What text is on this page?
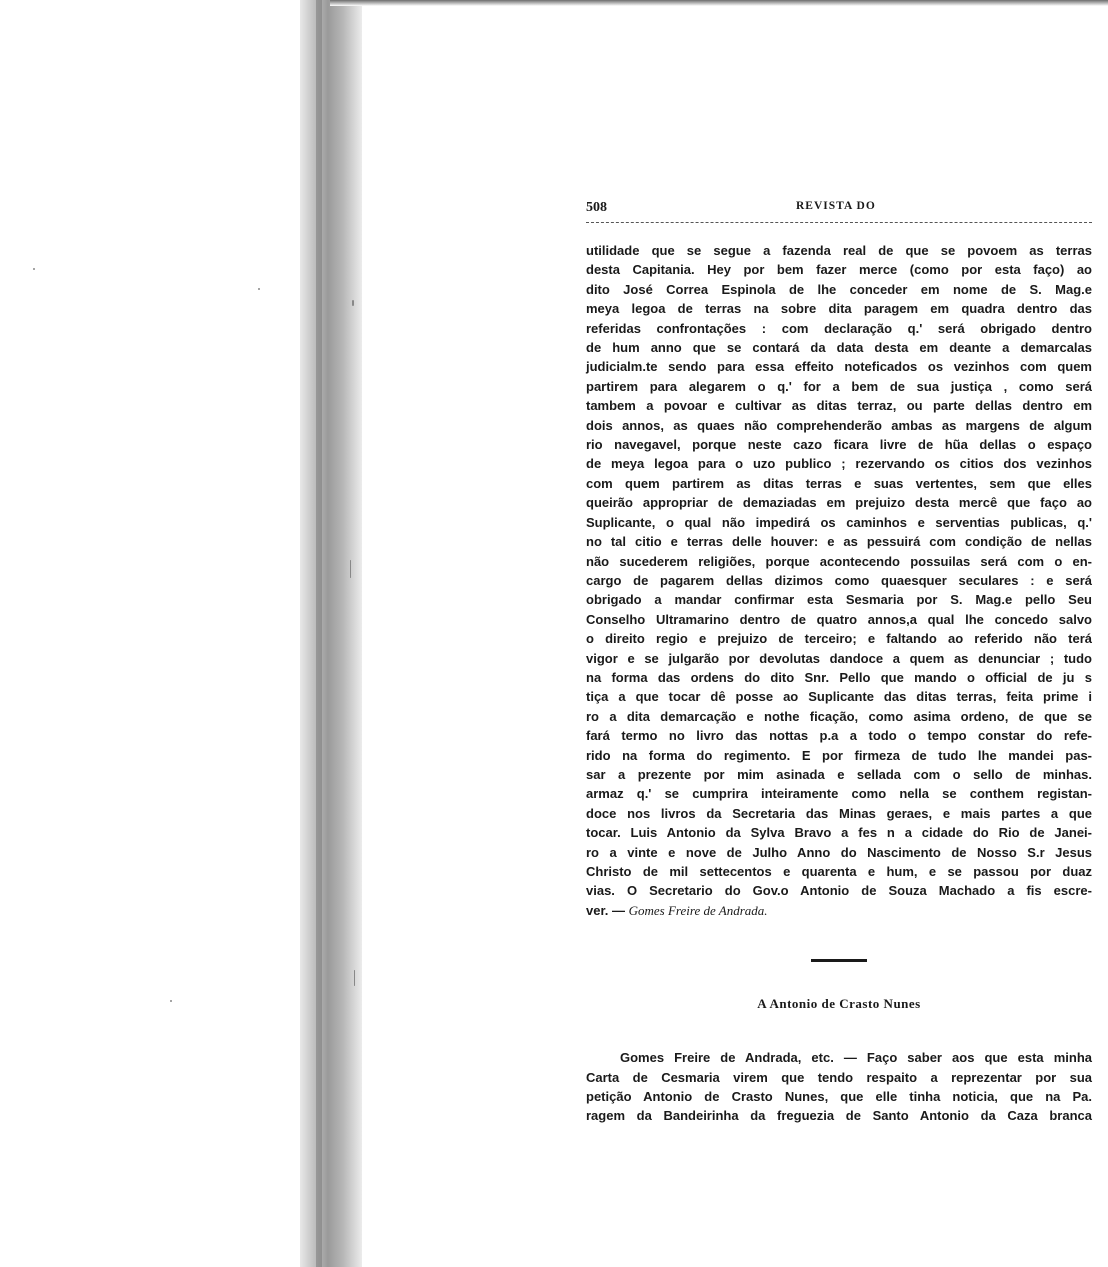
508	REVISTA DO
utilidade que se segue a fazenda real de que se povoem as terras
desta Capitania. Hey por bem fazer merce (como por esta faço) ao
dito José Correa Espinola de lhe conceder em nome de S. Mag.e
meya legoa de terras na sobre dita paragem em quadra dentro das
referidas confrontações : com declaração q.' será obrigado dentro
de hum anno que se contará da data desta em deante a demarcalas
judicialm.te sendo para essa effeito noteficados os vezinhos com quem
partirem para alegarem o q.' for a bem de sua justiça , como será
tambem a povoar e cultivar as ditas terraz, ou parte dellas dentro em
dois annos, as quaes não comprehenderão ambas as margens de algum
rio navegavel, porque neste cazo ficara livre de hũa dellas o espaço
de meya legoa para o uzo publico ; rezervando os citios dos vezinhos
com quem partirem as ditas terras e suas vertentes, sem que elles
queirão appropriar de demaziadas em prejuizo desta mercê que faço ao
Suplicante, o qual não impedirá os caminhos e serventias publicas, q.'
no tal citio e terras delle houver: e as pessuirá com condição de nellas
não sucederem religiões, porque acontecendo possuilas será com o en-
cargo de pagarem dellas dizimos como quaesquer seculares : e será
obrigado a mandar confirmar esta Sesmaria por S. Mag.e pello Seu
Conselho Ultramarino dentro de quatro annos,a qual lhe concedo salvo
o direito regio e prejuizo de terceiro; e faltando ao referido não terá
vigor e se julgarão por devolutas dandoce a quem as denunciar ; tudo
na forma das ordens do dito Snr. Pello que mando o official de ju s
tiça a que tocar dê posse ao Suplicante das ditas terras, feita prime i
ro a dita demarcação e nothe ficação, como asima ordeno, de que se
fará termo no livro das nottas p.a a todo o tempo constar do refe-
rido na forma do regimento. E por firmeza de tudo lhe mandei pas-
sar a prezente por mim asinada e sellada com o sello de minhas.
armaz q.' se cumprira inteiramente como nella se conthem registan-
doce nos livros da Secretaria das Minas geraes, e mais partes a que
tocar. Luis Antonio da Sylva Bravo a fes n a cidade do Rio de Janei-
ro a vinte e nove de Julho Anno do Nascimento de Nosso S.r Jesus
Christo de mil settecentos e quarenta e hum, e se passou por duaz
vias. O Secretario do Gov.o Antonio de Souza Machado a fis escre-
ver. — Gomes Freire de Andrada.
A Antonio de Crasto Nunes
Gomes Freire de Andrada, etc. — Faço saber aos que esta minha
Carta de Cesmaria virem que tendo respaito a reprezentar por sua
petição Antonio de Crasto Nunes, que elle tinha noticia, que na Pa.
ragem da Bandeirinha da freguezia de Santo Antonio da Caza branca
